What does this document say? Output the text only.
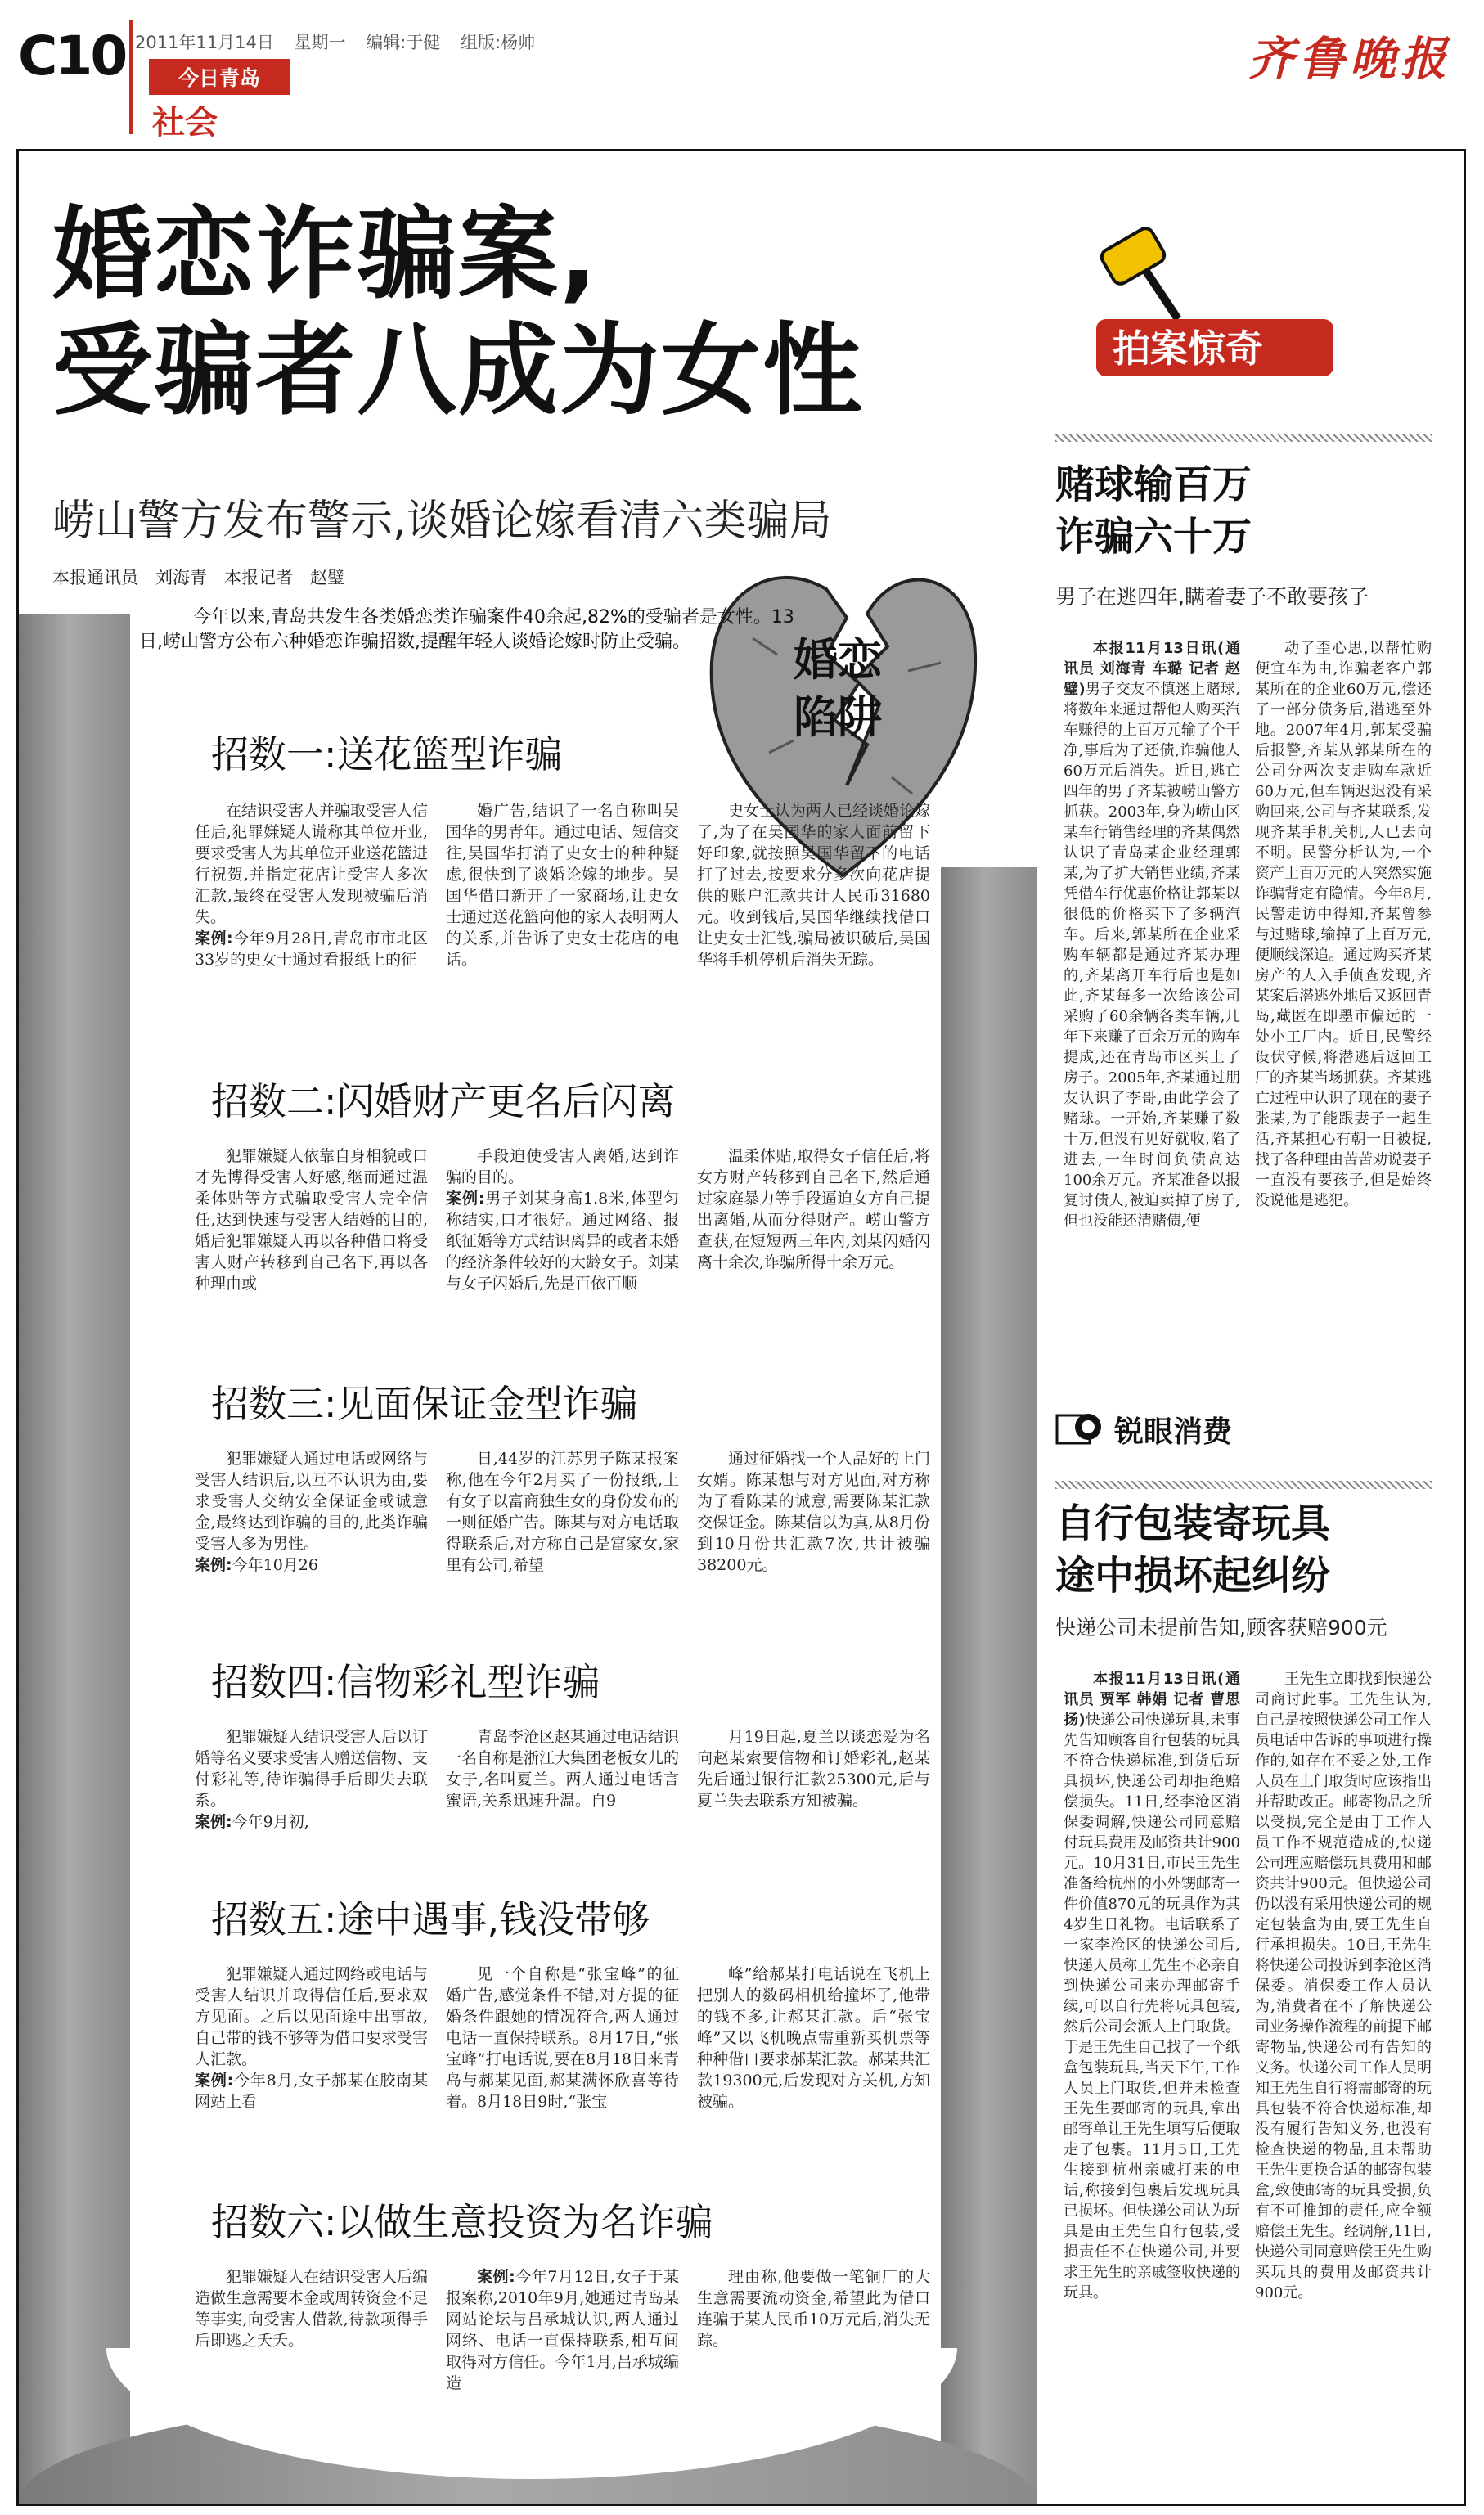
C10 2011年11月14日 星期一 编辑:于健 组版:杨帅
今日青岛
社会
齐鲁晚报
婚恋诈骗案,
受骗者八成为女性
崂山警方发布警示,谈婚论嫁看清六类骗局
本报通讯员　刘海青　本报记者　赵璧
婚恋
陷阱
今年以来,青岛共发生各类婚恋类诈骗案件40余起,82%的受骗者是女性。13日,崂山警方公布六种婚恋诈骗招数,提醒年轻人谈婚论嫁时防止受骗。
招数一:送花篮型诈骗
在结识受害人并骗取受害人信任后,犯罪嫌疑人谎称其单位开业,要求受害人为其单位开业送花篮进行祝贺,并指定花店让受害人多次汇款,最终在受害人发现被骗后消失。
案例:今年9月28日,青岛市市北区33岁的史女士通过看报纸上的征
婚广告,结识了一名自称叫吴国华的男青年。通过电话、短信交往,吴国华打消了史女士的种种疑虑,很快到了谈婚论嫁的地步。吴国华借口新开了一家商场,让史女士通过送花篮向他的家人表明两人的关系,并告诉了史女士花店的电话。
史女士认为两人已经谈婚论嫁了,为了在吴国华的家人面前留下好印象,就按照吴国华留下的电话打了过去,按要求分多次向花店提供的账户汇款共计人民币31680元。收到钱后,吴国华继续找借口让史女士汇钱,骗局被识破后,吴国华将手机停机后消失无踪。
招数二:闪婚财产更名后闪离
犯罪嫌疑人依靠自身相貌或口才先博得受害人好感,继而通过温柔体贴等方式骗取受害人完全信任,达到快速与受害人结婚的目的,婚后犯罪嫌疑人再以各种借口将受害人财产转移到自己名下,再以各种理由或
手段迫使受害人离婚,达到诈骗的目的。
案例:男子刘某身高1.8米,体型匀称结实,口才很好。通过网络、报纸征婚等方式结识离异的或者未婚的经济条件较好的大龄女子。刘某与女子闪婚后,先是百依百顺
温柔体贴,取得女子信任后,将女方财产转移到自己名下,然后通过家庭暴力等手段逼迫女方自己提出离婚,从而分得财产。崂山警方查获,在短短两三年内,刘某闪婚闪离十余次,诈骗所得十余万元。
招数三:见面保证金型诈骗
犯罪嫌疑人通过电话或网络与受害人结识后,以互不认识为由,要求受害人交纳安全保证金或诚意金,最终达到诈骗的目的,此类诈骗受害人多为男性。
案例:今年10月26
日,44岁的江苏男子陈某报案称,他在今年2月买了一份报纸,上有女子以富商独生女的身份发布的一则征婚广告。陈某与对方电话取得联系后,对方称自己是富家女,家里有公司,希望
通过征婚找一个人品好的上门女婿。陈某想与对方见面,对方称为了看陈某的诚意,需要陈某汇款交保证金。陈某信以为真,从8月份到10月份共汇款7次,共计被骗38200元。
招数四:信物彩礼型诈骗
犯罪嫌疑人结识受害人后以订婚等名义要求受害人赠送信物、支付彩礼等,待诈骗得手后即失去联系。
案例:今年9月初,
青岛李沧区赵某通过电话结识一名自称是浙江大集团老板女儿的女子,名叫夏兰。两人通过电话言蜜语,关系迅速升温。自9
月19日起,夏兰以谈恋爱为名向赵某索要信物和订婚彩礼,赵某先后通过银行汇款25300元,后与夏兰失去联系方知被骗。
招数五:途中遇事,钱没带够
犯罪嫌疑人通过网络或电话与受害人结识并取得信任后,要求双方见面。之后以见面途中出事故,自己带的钱不够等为借口要求受害人汇款。
案例:今年8月,女子郝某在胶南某网站上看
见一个自称是“张宝峰”的征婚广告,感觉条件不错,对方提的征婚条件跟她的情况符合,两人通过电话一直保持联系。8月17日,“张宝峰”打电话说,要在8月18日来青岛与郝某见面,郝某满怀欣喜等待着。8月18日9时,“张宝
峰”给郝某打电话说在飞机上把别人的数码相机给撞坏了,他带的钱不多,让郝某汇款。后“张宝峰”又以飞机晚点需重新买机票等种种借口要求郝某汇款。郝某共汇款19300元,后发现对方关机,方知被骗。
招数六:以做生意投资为名诈骗
犯罪嫌疑人在结识受害人后编造做生意需要本金或周转资金不足等事实,向受害人借款,待款项得手后即逃之夭夭。
案例:今年7月12日,女子于某报案称,2010年9月,她通过青岛某网站论坛与吕承城认识,两人通过网络、电话一直保持联系,相互间取得对方信任。今年1月,吕承城编造
理由称,他要做一笔铜厂的大生意需要流动资金,希望此为借口连骗于某人民币10万元后,消失无踪。
拍案惊奇
赌球输百万
诈骗六十万
男子在逃四年,瞒着妻子不敢要孩子
本报11月13日讯(通讯员 刘海青 车璐 记者 赵璧)男子交友不慎迷上赌球,将数年来通过帮他人购买汽车赚得的上百万元输了个干净,事后为了还债,诈骗他人60万元后消失。近日,逃亡四年的男子齐某被崂山警方抓获。2003年,身为崂山区某车行销售经理的齐某偶然认识了青岛某企业经理郭某,为了扩大销售业绩,齐某凭借车行优惠价格让郭某以很低的价格买下了多辆汽车。后来,郭某所在企业采购车辆都是通过齐某办理的,齐某离开车行后也是如此,齐某每多一次给该公司采购了60余辆各类车辆,几年下来赚了百余万元的购车提成,还在青岛市区买上了房子。2005年,齐某通过朋友认识了李哥,由此学会了赌球。一开始,齐某赚了数十万,但没有见好就收,陷了进去,一年时间负债高达100余万元。齐某准备以报复讨债人,被迫卖掉了房子,但也没能还清赌债,便
动了歪心思,以帮忙购便宜车为由,诈骗老客户郭某所在的企业60万元,偿还了一部分债务后,潜逃至外地。2007年4月,郭某受骗后报警,齐某从郭某所在的公司分两次支走购车款近60万元,但车辆迟迟没有采购回来,公司与齐某联系,发现齐某手机关机,人已去向不明。民警分析认为,一个资产上百万元的人突然实施诈骗背定有隐情。今年8月,民警走访中得知,齐某曾参与过赌球,输掉了上百万元,便顺线深追。通过购买齐某房产的人入手侦查发现,齐某案后潜逃外地后又返回青岛,藏匿在即墨市偏远的一处小工厂内。近日,民警经设伏守候,将潜逃后返回工厂的齐某当场抓获。齐某逃亡过程中认识了现在的妻子张某,为了能跟妻子一起生活,齐某担心有朝一日被捉,找了各种理由苦苦劝说妻子一直没有要孩子,但是始终没说他是逃犯。
锐眼消费
自行包装寄玩具
途中损坏起纠纷
快递公司未提前告知,顾客获赔900元
本报11月13日讯(通讯员 贾军 韩娟 记者 曹思扬)快递公司快递玩具,未事先告知顾客自行包装的玩具不符合快递标准,到货后玩具损坏,快递公司却拒绝赔偿损失。11日,经李沧区消保委调解,快递公司同意赔付玩具费用及邮资共计900元。10月31日,市民王先生准备给杭州的小外甥邮寄一件价值870元的玩具作为其4岁生日礼物。电话联系了一家李沧区的快递公司后,快递人员称王先生不必亲自到快递公司来办理邮寄手续,可以自行先将玩具包装,然后公司会派人上门取货。于是王先生自己找了一个纸盒包装玩具,当天下午,工作人员上门取货,但并未检查王先生要邮寄的玩具,拿出邮寄单让王先生填写后便取走了包裹。11月5日,王先生接到杭州亲戚打来的电话,称接到包裹后发现玩具已损坏。但快递公司认为玩具是由王先生自行包装,受损责任不在快递公司,并要求王先生的亲戚签收快递的玩具。
王先生立即找到快递公司商讨此事。王先生认为,自己是按照快递公司工作人员电话中告诉的事项进行操作的,如存在不妥之处,工作人员在上门取货时应该指出并帮助改正。邮寄物品之所以受损,完全是由于工作人员工作不规范造成的,快递公司理应赔偿玩具费用和邮资共计900元。但快递公司仍以没有采用快递公司的规定包装盒为由,要王先生自行承担损失。10日,王先生将快递公司投诉到李沧区消保委。消保委工作人员认为,消费者在不了解快递公司业务操作流程的前提下邮寄物品,快递公司有告知的义务。快递公司工作人员明知王先生自行将需邮寄的玩具包装不符合快递标准,却没有履行告知义务,也没有检查快递的物品,且未帮助王先生更换合适的邮寄包装盒,致使邮寄的玩具受损,负有不可推卸的责任,应全额赔偿王先生。经调解,11日,快递公司同意赔偿王先生购买玩具的费用及邮资共计900元。
